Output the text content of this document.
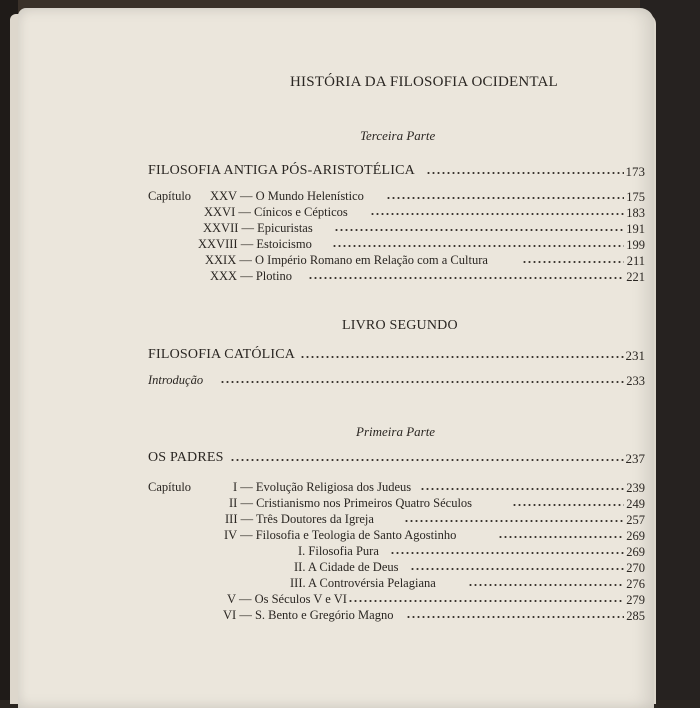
HISTÓRIA DA FILOSOFIA OCIDENTAL
Terceira Parte
FILOSOFIA ANTIGA PÓS-ARISTOTÉLICA	173
Capítulo XXV — O Mundo Helenístico	175
XXVI — Cínicos e Cépticos	183
XXVII — Epicuristas	191
XXVIII — Estoicismo	199
XXIX — O Império Romano em Relação com a Cultura	211
XXX — Plotino	221
LIVRO SEGUNDO
FILOSOFIA CATÓLICA	231
Introdução	233
Primeira Parte
OS PADRES	237
Capítulo	I — Evolução Religiosa dos Judeus	239
II — Cristianismo nos Primeiros Quatro Séculos	249
III — Três Doutores da Igreja	257
IV — Filosofia e Teologia de Santo Agostinho	269
I. Filosofia Pura	269
II. A Cidade de Deus	270
III. A Controvérsia Pelagiana	276
V — Os Séculos V e VI	279
VI — S. Bento e Gregório Magno	285
